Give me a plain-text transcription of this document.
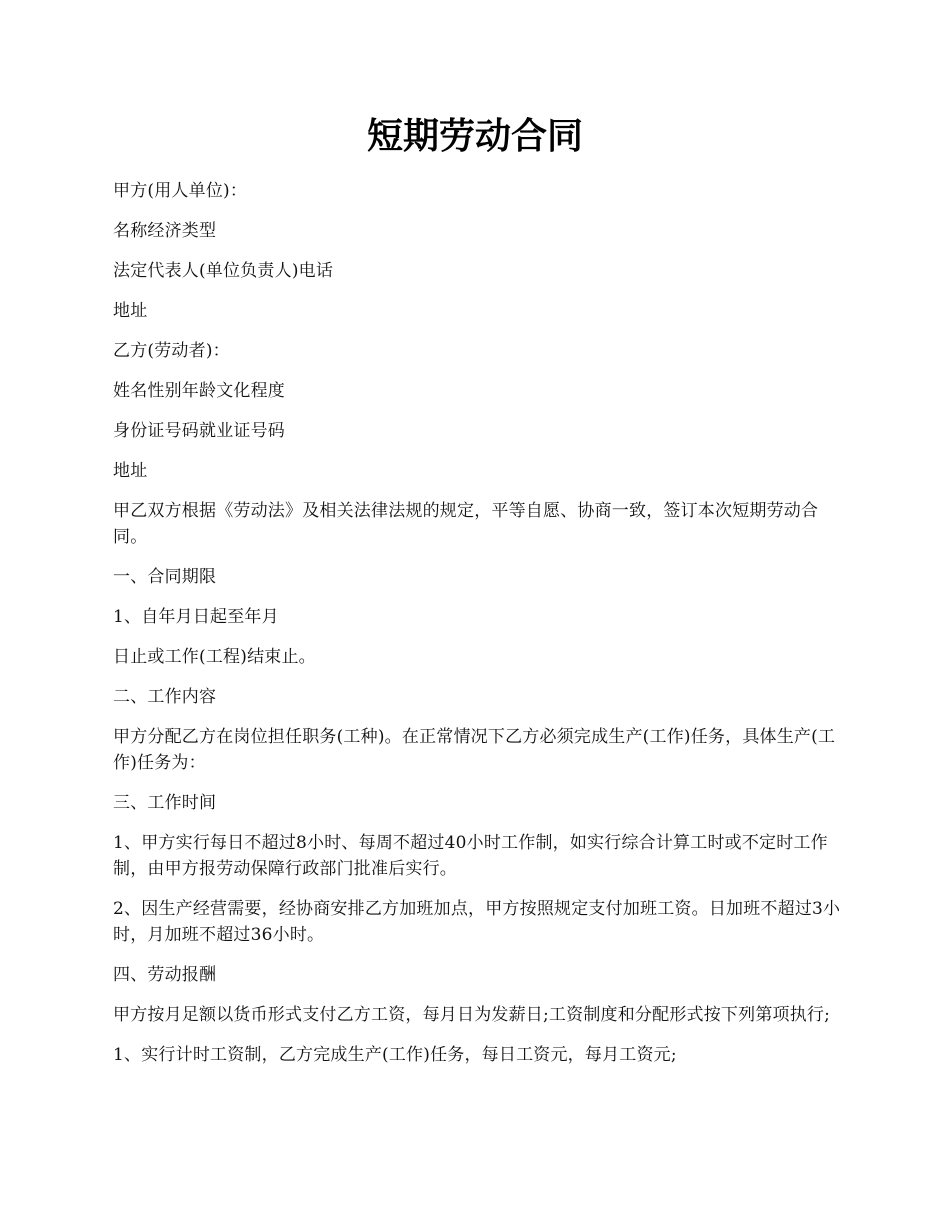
短期劳动合同

甲方(用人单位)：

名称经济类型

法定代表人(单位负责人)电话

地址

乙方(劳动者)：

姓名性别年龄文化程度

身份证号码就业证号码

地址

甲乙双方根据《劳动法》及相关法律法规的规定，平等自愿、协商一致，签订本次短期劳动合同。

一、合同期限

1、自年月日起至年月

日止或工作(工程)结束止。

二、工作内容

甲方分配乙方在岗位担任职务(工种)。在正常情况下乙方必须完成生产(工作)任务，具体生产(工作)任务为：

三、工作时间

1、甲方实行每日不超过8小时、每周不超过40小时工作制，如实行综合计算工时或不定时工作制，由甲方报劳动保障行政部门批准后实行。

2、因生产经营需要，经协商安排乙方加班加点，甲方按照规定支付加班工资。日加班不超过3小时，月加班不超过36小时。

四、劳动报酬

甲方按月足额以货币形式支付乙方工资，每月日为发薪日;工资制度和分配形式按下列第项执行;

1、实行计时工资制，乙方完成生产(工作)任务，每日工资元，每月工资元;
